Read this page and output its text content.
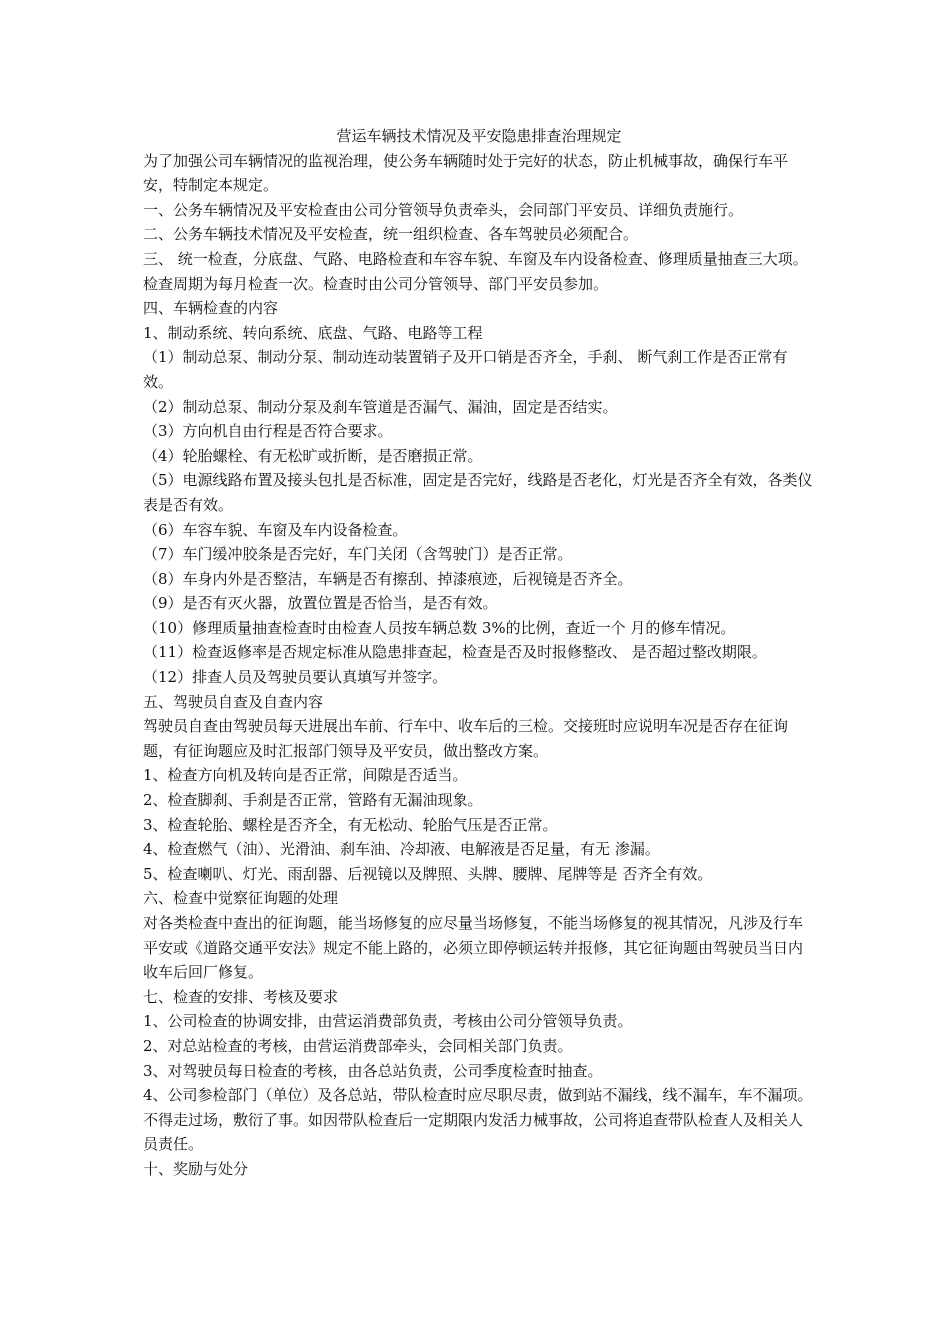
营运车辆技术情况及平安隐患排查治理规定

为了加强公司车辆情况的监视治理，使公务车辆随时处于完好的状态，防止机械事故，确保行车平安，特制定本规定。

一、公务车辆情况及平安检查由公司分管领导负责牵头，会同部门平安员、详细负责施行。

二、公务车辆技术情况及平安检查，统一组织检查、各车驾驶员必须配合。

三、 统一检查，分底盘、气路、电路检查和车容车貌、车窗及车内设备检查、修理质量抽查三大项。检查周期为每月检查一次。检查时由公司分管领导、部门平安员参加。

四、车辆检查的内容

1、制动系统、转向系统、底盘、气路、电路等工程

（1）制动总泵、制动分泵、制动连动装置销子及开口销是否齐全，手刹、 断气刹工作是否正常有效。

（2）制动总泵、制动分泵及刹车管道是否漏气、漏油，固定是否结实。

（3）方向机自由行程是否符合要求。

（4）轮胎螺栓、有无松旷或折断，是否磨损正常。

（5）电源线路布置及接头包扎是否标准，固定是否完好，线路是否老化，灯光是否齐全有效，各类仪表是否有效。

（6）车容车貌、车窗及车内设备检查。

（7）车门缓冲胶条是否完好，车门关闭（含驾驶门）是否正常。

（8）车身内外是否整洁，车辆是否有擦刮、掉漆痕迹，后视镜是否齐全。

（9）是否有灭火器，放置位置是否恰当，是否有效。

（10）修理质量抽查检查时由检查人员按车辆总数 3%的比例，查近一个 月的修车情况。

（11）检查返修率是否规定标准从隐患排查起，检查是否及时报修整改、 是否超过整改期限。

（12）排查人员及驾驶员要认真填写并签字。

五、驾驶员自查及自查内容

驾驶员自查由驾驶员每天进展出车前、行车中、收车后的三检。交接班时应说明车况是否存在征询题，有征询题应及时汇报部门领导及平安员，做出整改方案。

1、检查方向机及转向是否正常，间隙是否适当。

2、检查脚刹、手刹是否正常，管路有无漏油现象。

3、检查轮胎、螺栓是否齐全，有无松动、轮胎气压是否正常。

4、检查燃气（油）、光滑油、刹车油、冷却液、电解液是否足量，有无 渗漏。

5、检查喇叭、灯光、雨刮器、后视镜以及牌照、头牌、腰牌、尾牌等是 否齐全有效。

六、检查中觉察征询题的处理

对各类检查中查出的征询题，能当场修复的应尽量当场修复，不能当场修复的视其情况，凡涉及行车平安或《道路交通平安法》规定不能上路的，必须立即停顿运转并报修，其它征询题由驾驶员当日内收车后回厂修复。

七、检查的安排、考核及要求

1、公司检查的协调安排，由营运消费部负责，考核由公司分管领导负责。

2、对总站检查的考核，由营运消费部牵头，会同相关部门负责。

3、对驾驶员每日检查的考核，由各总站负责，公司季度检查时抽查。

4、公司参检部门（单位）及各总站，带队检查时应尽职尽责，做到站不漏线，线不漏车，车不漏项。不得走过场，敷衍了事。如因带队检查后一定期限内发活力械事故，公司将追查带队检查人及相关人员责任。

十、奖励与处分
